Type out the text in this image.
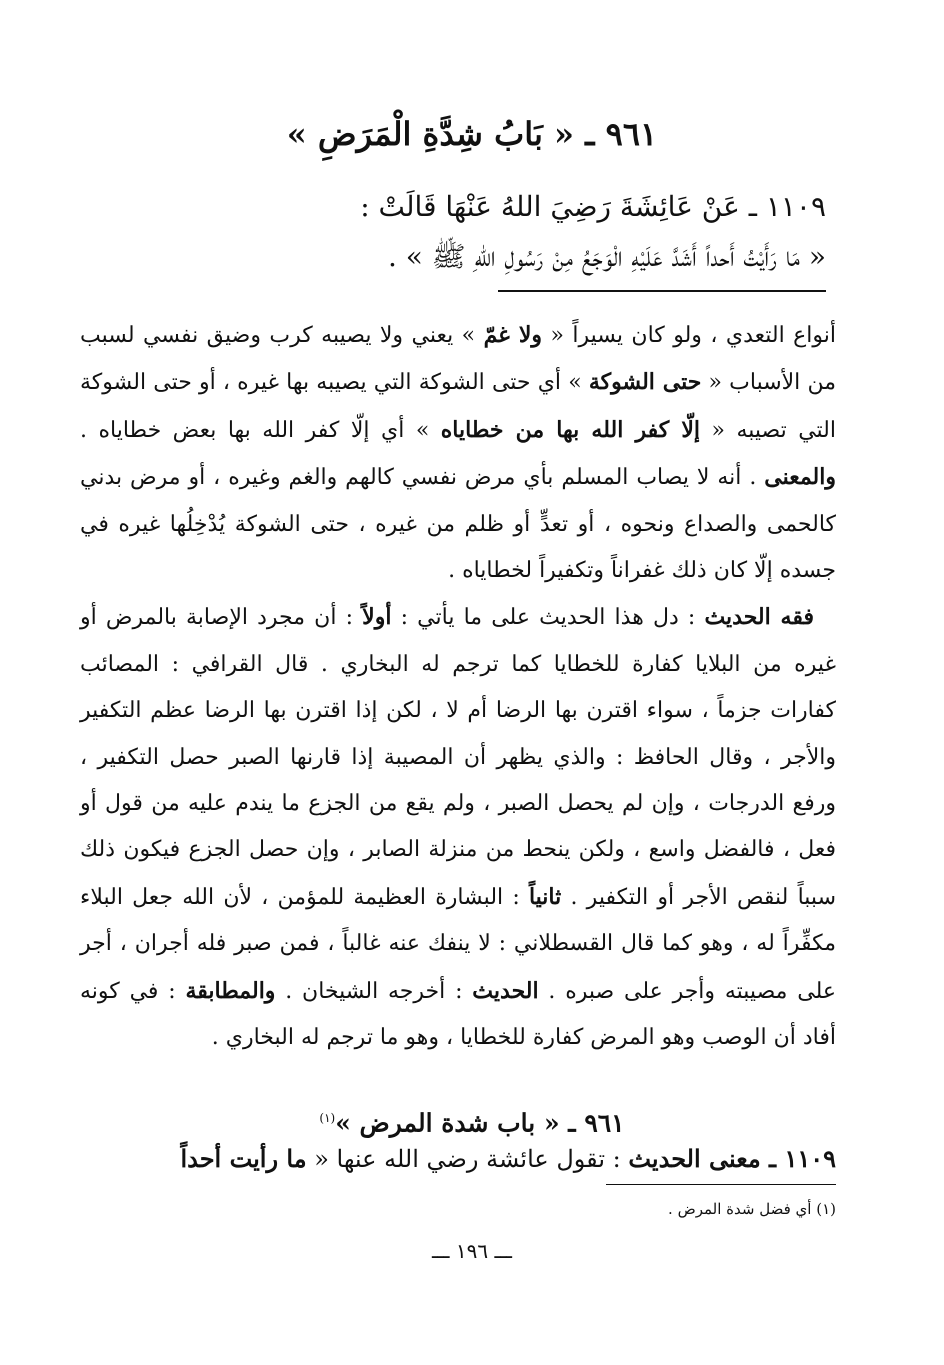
٩٦١ ـ « بَابُ شِدَّةِ الْمَرَضِ »
١١٠٩ ـ عَنْ عَائِشَةَ رَضِيَ اللهُ عَنْهَا قَالَتْ :
« مَا رَأَيْتُ أَحداً أَشَدَّ عَلَيْهِ الْوَجَعُ مِنْ رَسُولِ اللهِ ﷺ » .

أنواع التعدي ، ولو كان يسيراً « ولا غمّ » يعني ولا يصيبه كرب وضيق نفسي لسبب من الأسباب « حتى الشوكة » أي حتى الشوكة التي يصيبه بها غيره ، أو حتى الشوكة التي تصيبه « إلّا كفر الله بها من خطاياه » أي إلّا كفر الله بها بعض خطاياه . والمعنى . أنه لا يصاب المسلم بأي مرض نفسي كالهم والغم وغيره ، أو مرض بدني كالحمى والصداع ونحوه ، أو تعدٍّ أو ظلم من غيره ، حتى الشوكة يُدْخِلُها غيره في جسده إلّا كان ذلك غفراناً وتكفيراً لخطاياه .

فقه الحديث : دل هذا الحديث على ما يأتي : أولاً : أن مجرد الإصابة بالمرض أو غيره من البلايا كفارة للخطايا كما ترجم له البخاري . قال القرافي : المصائب كفارات جزماً ، سواء اقترن بها الرضا أم لا ، لكن إذا اقترن بها الرضا عظم التكفير والأجر ، وقال الحافظ : والذي يظهر أن المصيبة إذا قارنها الصبر حصل التكفير ، ورفع الدرجات ، وإن لم يحصل الصبر ، ولم يقع من الجزع ما يندم عليه من قول أو فعل ، فالفضل واسع ، ولكن ينحط من منزلة الصابر ، وإن حصل الجزع فيكون ذلك سبباً لنقص الأجر أو التكفير . ثانياً : البشارة العظيمة للمؤمن ، لأن الله جعل البلاء مكفِّراً له ، وهو كما قال القسطلاني : لا ينفك عنه غالباً ، فمن صبر فله أجران ، أجر على مصيبته وأجر على صبره . الحديث : أخرجه الشيخان . والمطابقة : في كونه أفاد أن الوصب وهو المرض كفارة للخطايا ، وهو ما ترجم له البخاري .

٩٦١ ـ « باب شدة المرض »$^{(١)}$
١١٠٩ ـ معنى الحديث : تقول عائشة رضي الله عنها « ما رأيت أحداً
(١) أي فضل شدة المرض .
ـــ ١٩٦ ـــ
